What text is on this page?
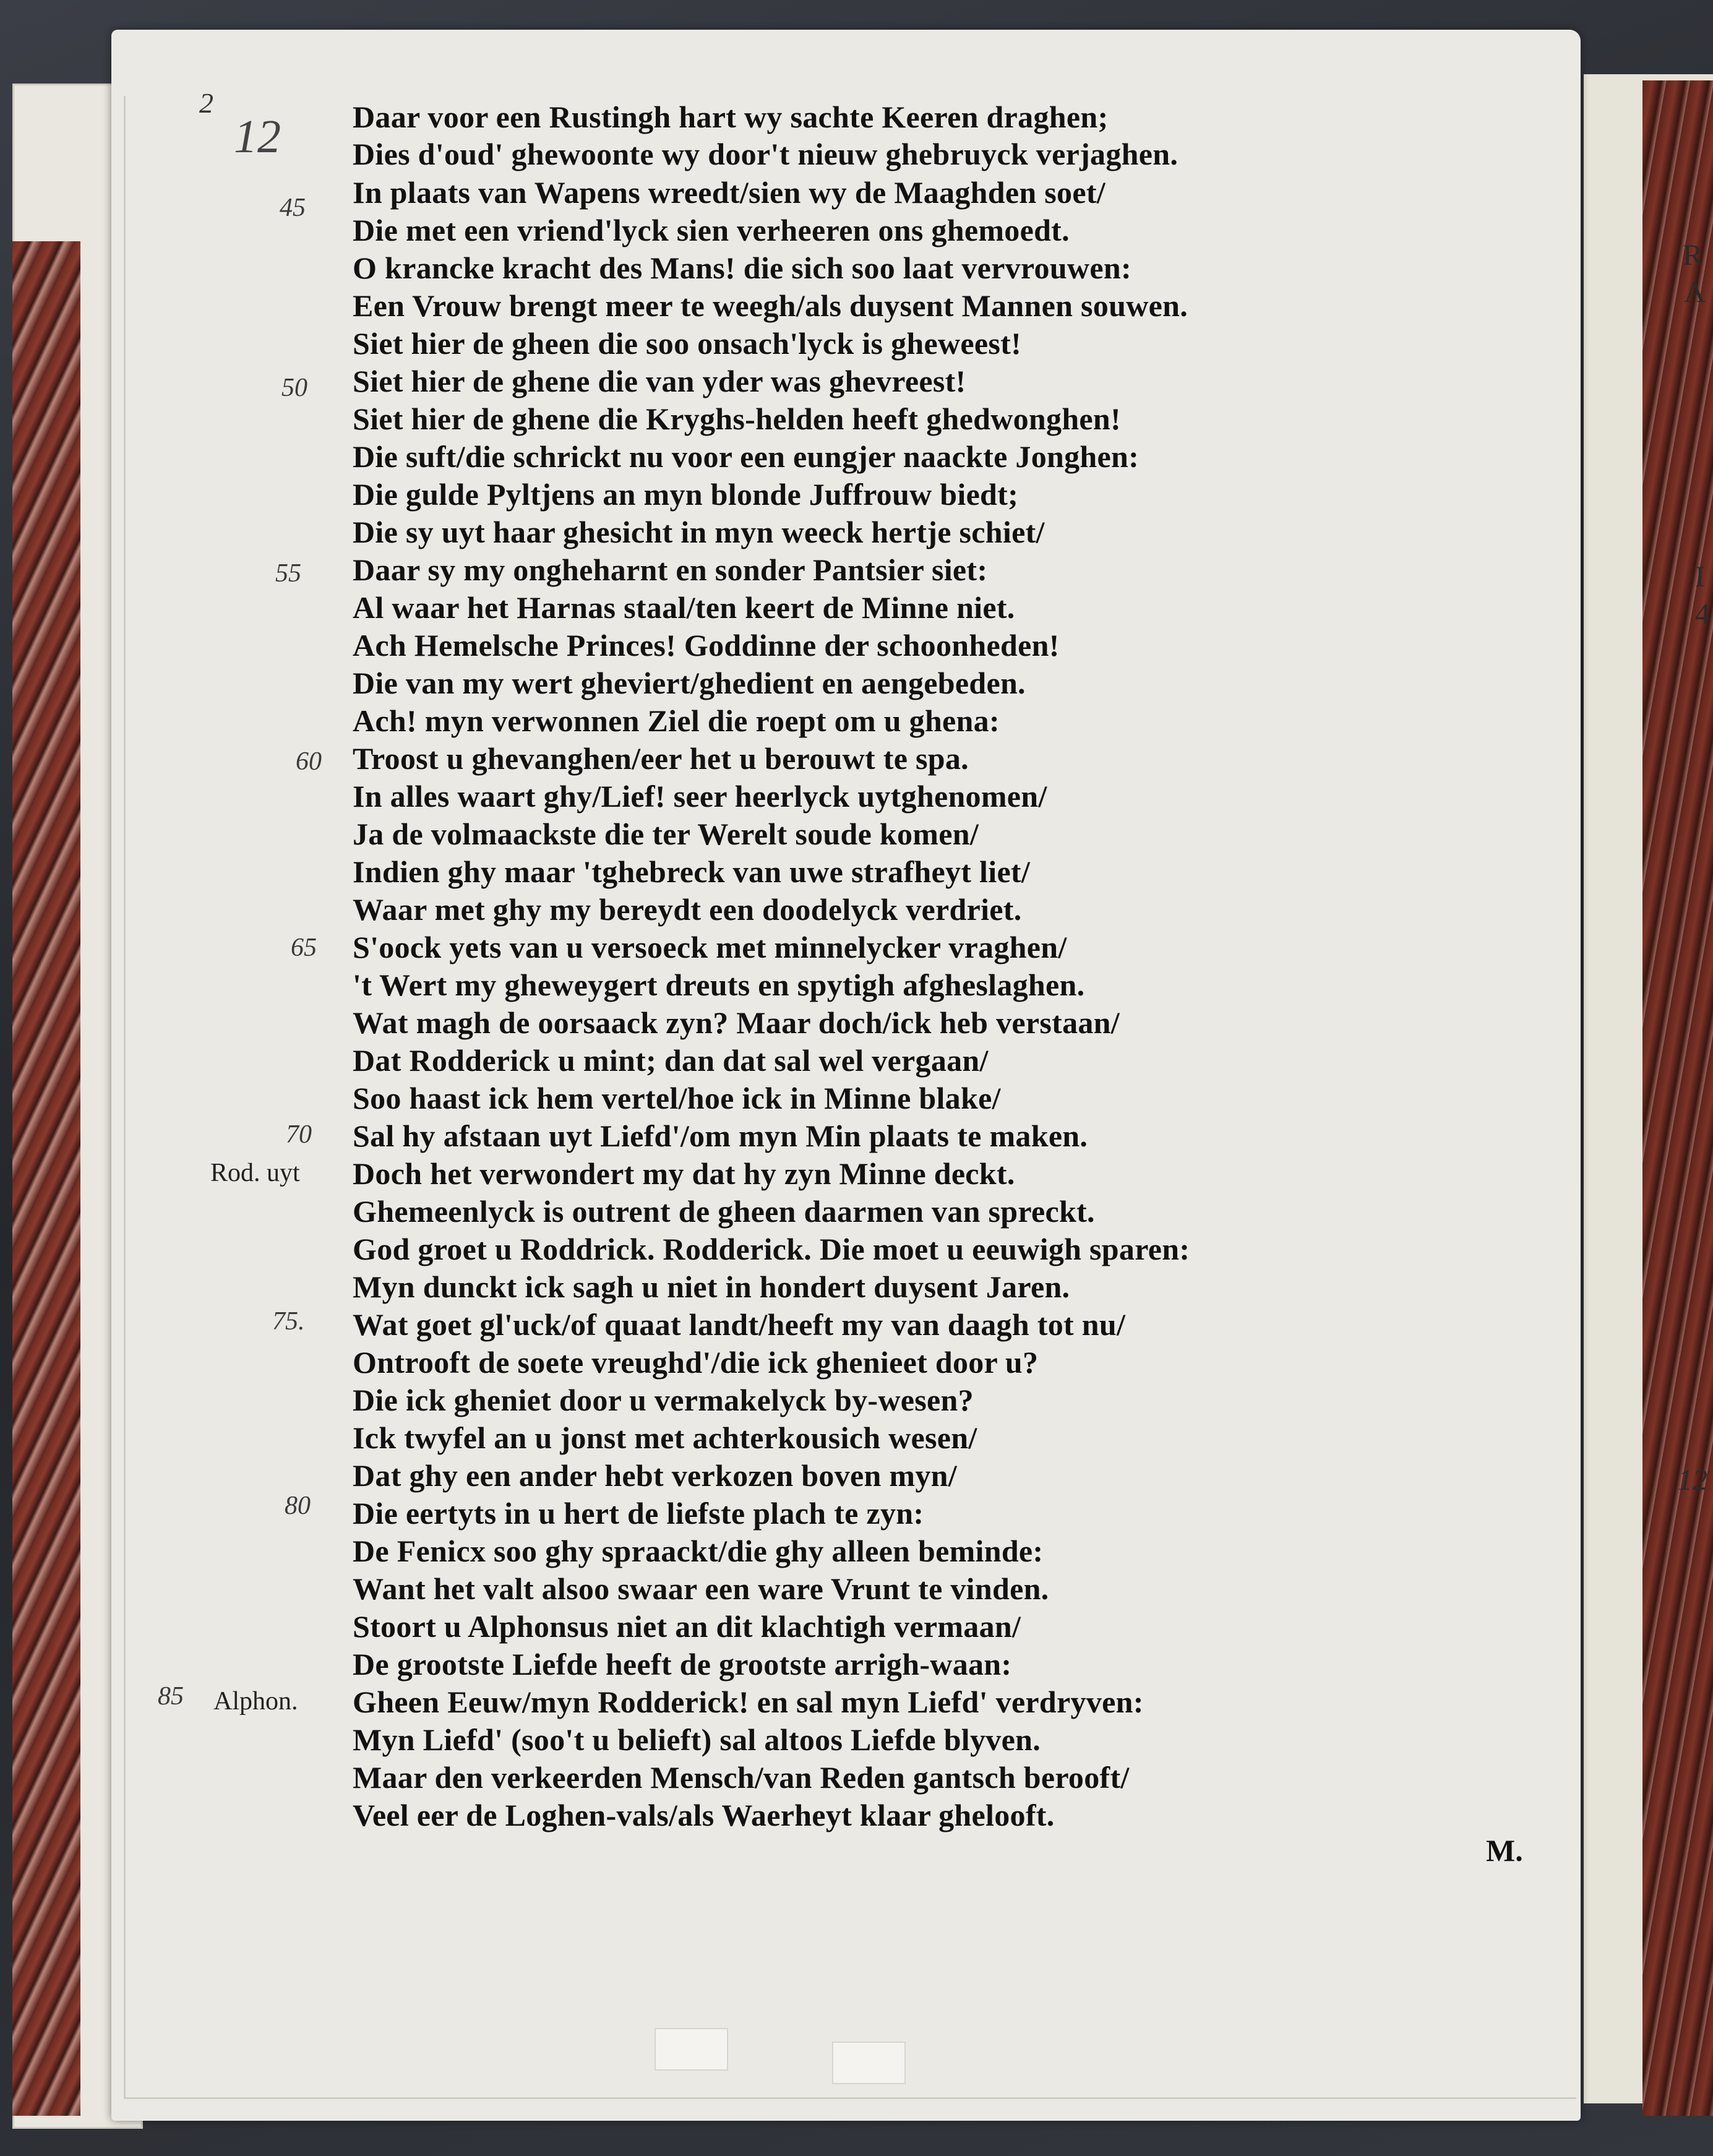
R
A
I
4
12
2
12 Daar voor een Rustingh hart wy sachte Keeren draghen;
Dies d'oud' ghewoonte wy door't nieuw ghebruyck verjaghen.
In plaats van Wapens wreedt/sien wy de Maaghden soet/
Die met een vriend'lyck sien verheeren ons ghemoedt.
O krancke kracht des Mans! die sich soo laat vervrouwen:
Een Vrouw brengt meer te weegh/als duysent Mannen souwen.
Siet hier de gheen die soo onsach'lyck is gheweest!
Siet hier de ghene die van yder was ghevreest!
Siet hier de ghene die Kryghs-helden heeft ghedwonghen!
Die suft/die schrickt nu voor een eungjer naackte Jonghen:
Die gulde Pyltjens an myn blonde Juffrouw biedt;
Die sy uyt haar ghesicht in myn weeck hertje schiet/
Daar sy my ongheharnt en sonder Pantsier siet:
Al waar het Harnas staal/ten keert de Minne niet.
Ach Hemelsche Princes! Goddinne der schoonheden!
Die van my wert gheviert/ghedient en aengebeden.
Ach! myn verwonnen Ziel die roept om u ghena:
Troost u ghevanghen/eer het u berouwt te spa.
In alles waart ghy/Lief! seer heerlyck uytghenomen/
Ja de volmaackste die ter Werelt soude komen/
Indien ghy maar 'tghebreck van uwe strafheyt liet/
Waar met ghy my bereydt een doodelyck verdriet.
S'oock yets van u versoeck met minnelycker vraghen/
't Wert my gheweygert dreuts en spytigh afgheslaghen.
Wat magh de oorsaack zyn? Maar doch/ick heb verstaan/
Dat Rodderick u mint; dan dat sal wel vergaan/
Soo haast ick hem vertel/hoe ick in Minne blake/
Sal hy afstaan uyt Liefd'/om myn Min plaats te maken.
Doch het verwondert my dat hy zyn Minne deckt.
Ghemeenlyck is outrent de gheen daarmen van spreckt.
God groet u Roddrick. Rodderick. Die moet u eeuwigh sparen:
Myn dunckt ick sagh u niet in hondert duysent Jaren.
Wat goet gl'uck/of quaat landt/heeft my van daagh tot nu/
Ontrooft de soete vreughd'/die ick ghenieet door u?
Die ick gheniet door u vermakelyck by-wesen?
Ick twyfel an u jonst met achterkousich wesen/
Dat ghy een ander hebt verkozen boven myn/
Die eertyts in u hert de liefste plach te zyn:
De Fenicx soo ghy spraackt/die ghy alleen beminde:
Want het valt alsoo swaar een ware Vrunt te vinden.
Stoort u Alphonsus niet an dit klachtigh vermaan/
De grootste Liefde heeft de grootste arrigh-waan:
Gheen Eeuw/myn Rodderick! en sal myn Liefd' verdryven:
Myn Liefd' (soo't u belieft) sal altoos Liefde blyven.
Maar den verkeerden Mensch/van Reden gantsch berooft/
Veel eer de Loghen-vals/als Waerheyt klaar ghelooft.
45
50
55
60
65
70
75.
80
85
Rod. uyt
Alphon.
M.
